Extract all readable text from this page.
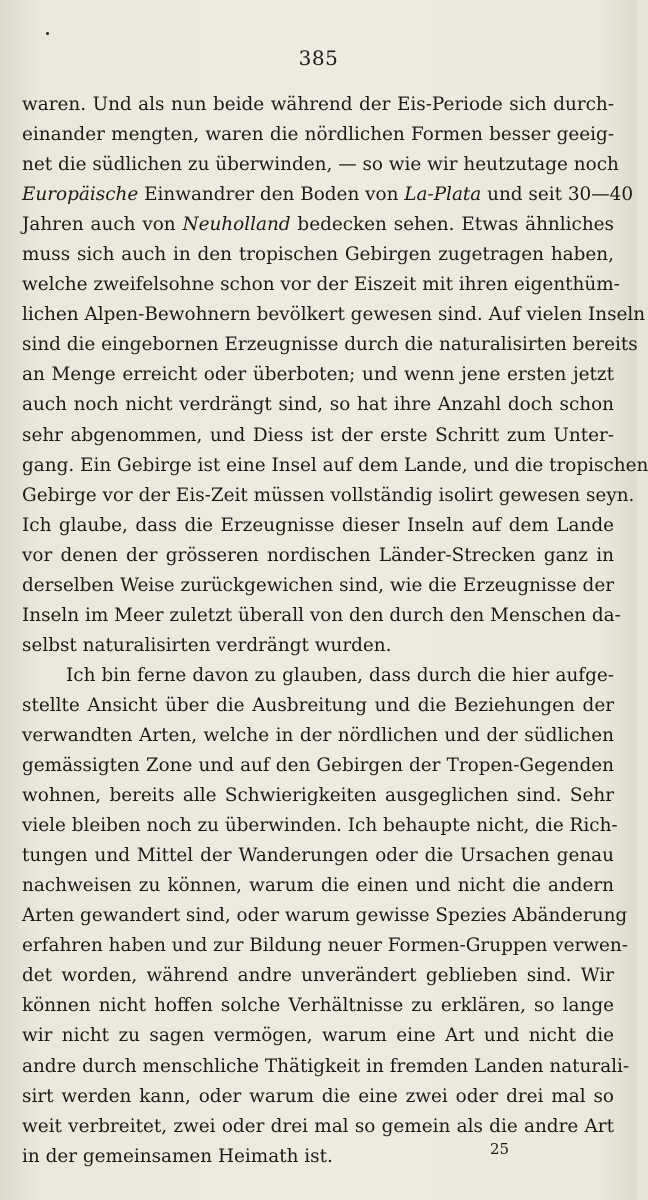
385
waren. Und als nun beide während der Eis-Periode sich durch-
einander mengten, waren die nördlichen Formen besser geeig-
net die südlichen zu überwinden, — so wie wir heutzutage noch
Europäische Einwandrer den Boden von La-Plata und seit 30—40
Jahren auch von Neuholland bedecken sehen. Etwas ähnliches
muss sich auch in den tropischen Gebirgen zugetragen haben,
welche zweifelsohne schon vor der Eiszeit mit ihren eigenthüm-
lichen Alpen-Bewohnern bevölkert gewesen sind. Auf vielen Inseln
sind die eingebornen Erzeugnisse durch die naturalisirten bereits
an Menge erreicht oder überboten; und wenn jene ersten jetzt
auch noch nicht verdrängt sind, so hat ihre Anzahl doch schon
sehr abgenommen, und Diess ist der erste Schritt zum Unter-
gang. Ein Gebirge ist eine Insel auf dem Lande, und die tropischen
Gebirge vor der Eis-Zeit müssen vollständig isolirt gewesen seyn.
Ich glaube, dass die Erzeugnisse dieser Inseln auf dem Lande
vor denen der grösseren nordischen Länder-Strecken ganz in
derselben Weise zurückgewichen sind, wie die Erzeugnisse der
Inseln im Meer zuletzt überall von den durch den Menschen da-
selbst naturalisirten verdrängt wurden.
Ich bin ferne davon zu glauben, dass durch die hier aufge-
stellte Ansicht über die Ausbreitung und die Beziehungen der
verwandten Arten, welche in der nördlichen und der südlichen
gemässigten Zone und auf den Gebirgen der Tropen-Gegenden
wohnen, bereits alle Schwierigkeiten ausgeglichen sind. Sehr
viele bleiben noch zu überwinden. Ich behaupte nicht, die Rich-
tungen und Mittel der Wanderungen oder die Ursachen genau
nachweisen zu können, warum die einen und nicht die andern
Arten gewandert sind, oder warum gewisse Spezies Abänderung
erfahren haben und zur Bildung neuer Formen-Gruppen verwen-
det worden, während andre unverändert geblieben sind. Wir
können nicht hoffen solche Verhältnisse zu erklären, so lange
wir nicht zu sagen vermögen, warum eine Art und nicht die
andre durch menschliche Thätigkeit in fremden Landen naturali-
sirt werden kann, oder warum die eine zwei oder drei mal so
weit verbreitet, zwei oder drei mal so gemein als die andre Art
in der gemeinsamen Heimath ist.	25
